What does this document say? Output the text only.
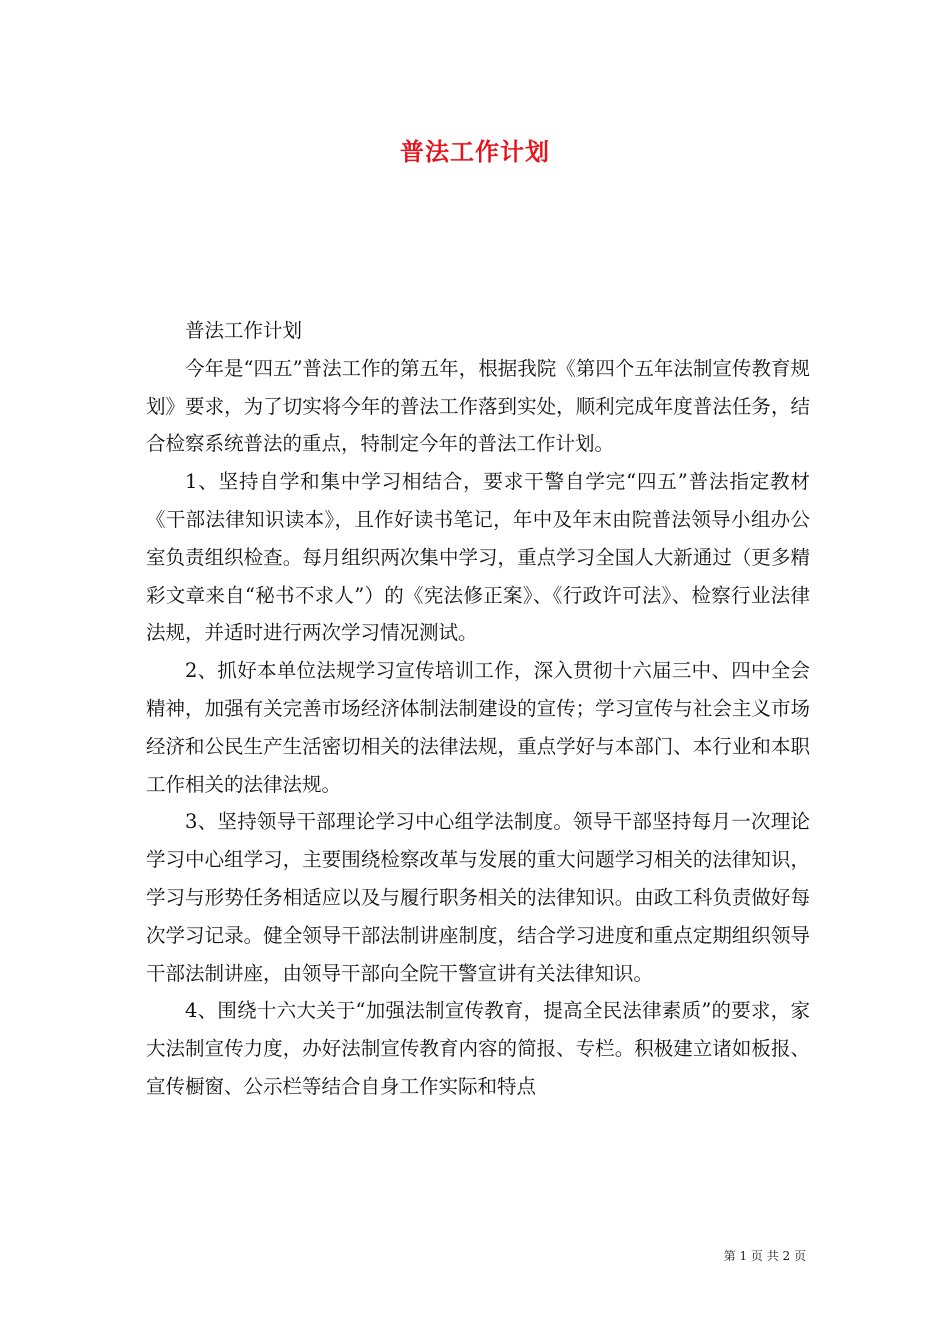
普法工作计划

普法工作计划

今年是“四五”普法工作的第五年，根据我院《第四个五年法制宣传教育规划》要求，为了切实将今年的普法工作落到实处，顺利完成年度普法任务，结合检察系统普法的重点，特制定今年的普法工作计划。

1、坚持自学和集中学习相结合，要求干警自学完“四五”普法指定教材《干部法律知识读本》，且作好读书笔记，年中及年末由院普法领导小组办公室负责组织检查。每月组织两次集中学习，重点学习全国人大新通过（更多精彩文章来自“秘书不求人”）的《宪法修正案》、《行政许可法》、检察行业法律法规，并适时进行两次学习情况测试。

2、抓好本单位法规学习宣传培训工作，深入贯彻十六届三中、四中全会精神，加强有关完善市场经济体制法制建设的宣传；学习宣传与社会主义市场经济和公民生产生活密切相关的法律法规，重点学好与本部门、本行业和本职工作相关的法律法规。

3、坚持领导干部理论学习中心组学法制度。领导干部坚持每月一次理论学习中心组学习，主要围绕检察改革与发展的重大问题学习相关的法律知识，学习与形势任务相适应以及与履行职务相关的法律知识。由政工科负责做好每次学习记录。健全领导干部法制讲座制度，结合学习进度和重点定期组织领导干部法制讲座，由领导干部向全院干警宣讲有关法律知识。

4、围绕十六大关于“加强法制宣传教育，提高全民法律素质”的要求，家大法制宣传力度，办好法制宣传教育内容的简报、专栏。积极建立诸如板报、宣传橱窗、公示栏等结合自身工作实际和特点

第 1 页 共 2 页
